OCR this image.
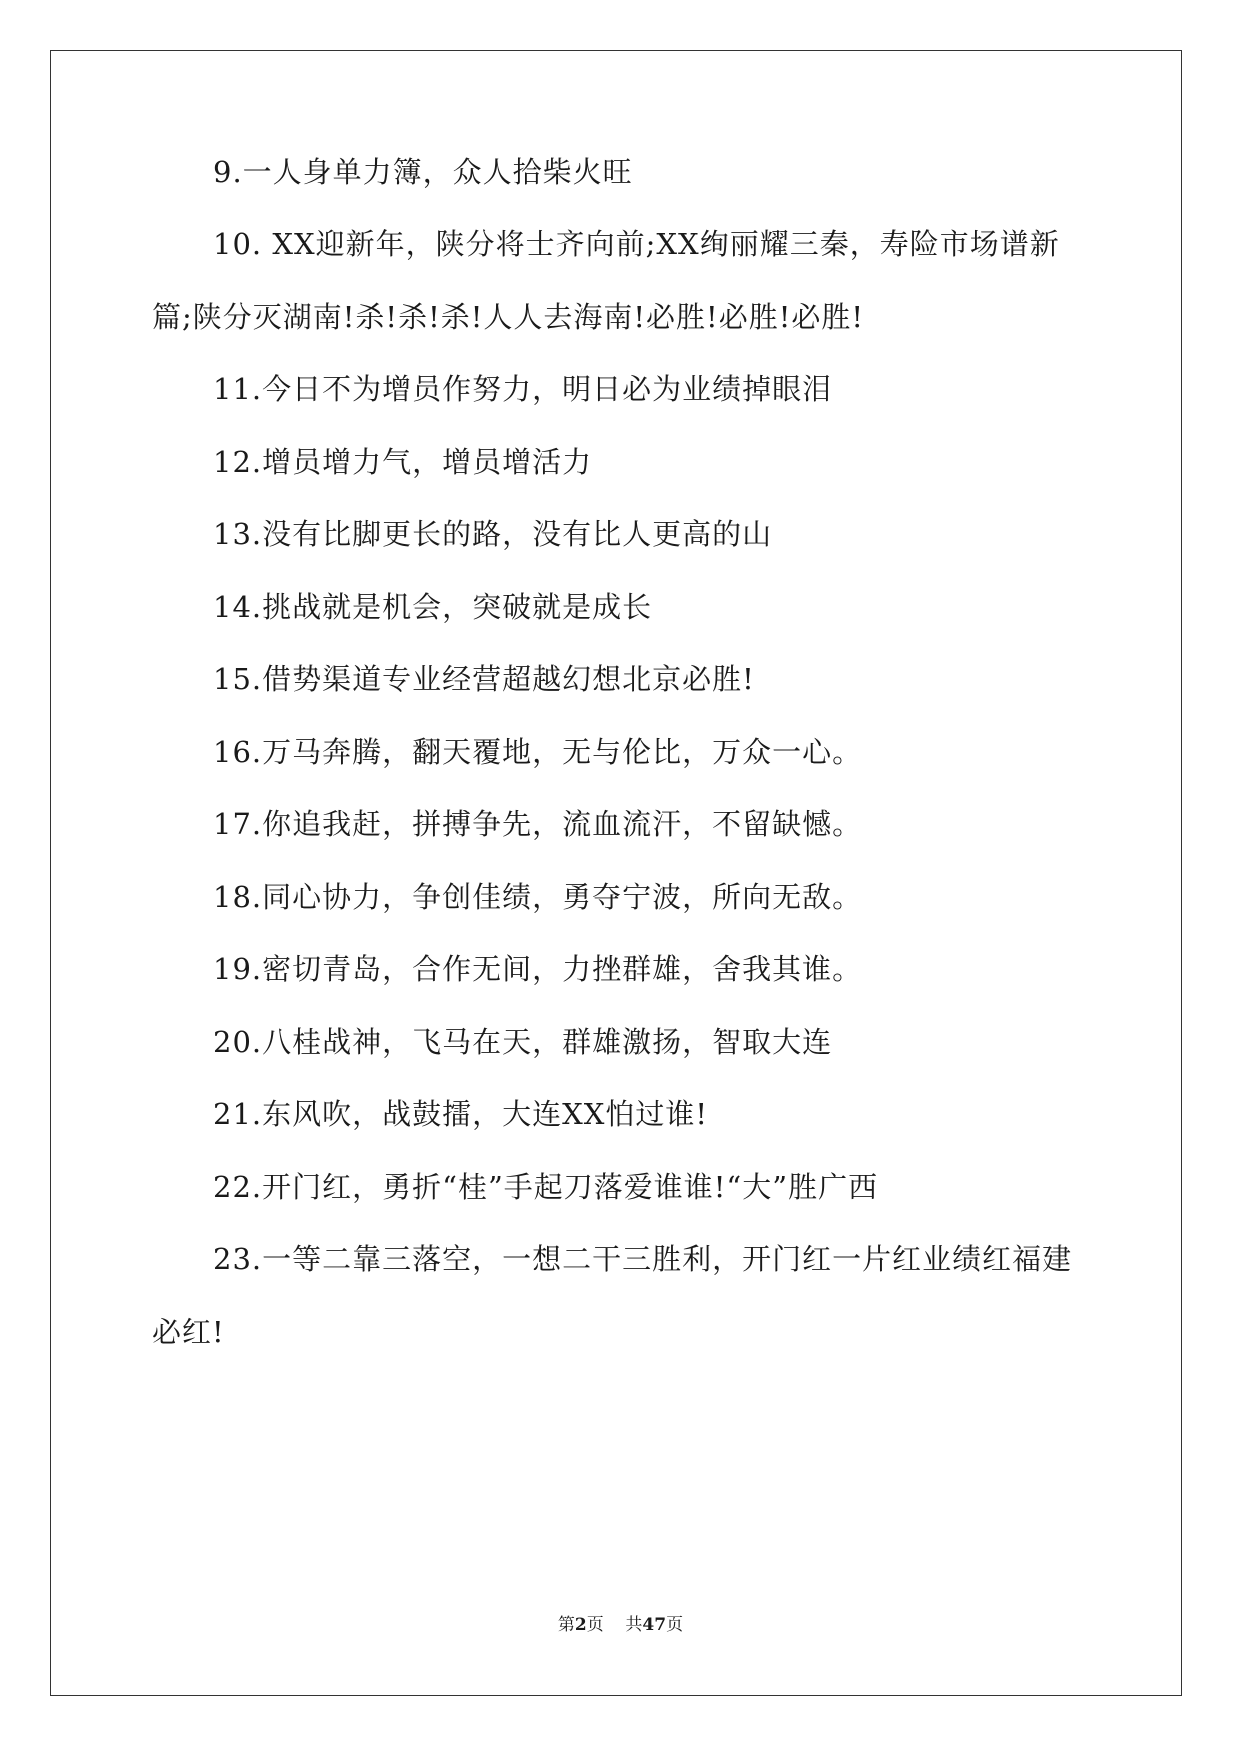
9.一人身单力簿，众人拾柴火旺
10. XX迎新年，陕分将士齐向前;XX绚丽耀三秦，寿险市场谱新
篇;陕分灭湖南!杀!杀!杀!人人去海南!必胜!必胜!必胜!
11.今日不为增员作努力，明日必为业绩掉眼泪
12.增员增力气，增员增活力
13.没有比脚更长的路，没有比人更高的山
14.挑战就是机会，突破就是成长
15.借势渠道专业经营超越幻想北京必胜!
16.万马奔腾，翻天覆地，无与伦比，万众一心。
17.你追我赶，拼搏争先，流血流汗，不留缺憾。
18.同心协力，争创佳绩，勇夺宁波，所向无敌。
19.密切青岛，合作无间，力挫群雄，舍我其谁。
20.八桂战神，飞马在天，群雄激扬，智取大连
21.东风吹，战鼓擂，大连XX怕过谁!
22.开门红，勇折“桂”手起刀落爱谁谁!“大”胜广西
23.一等二靠三落空，一想二干三胜利，开门红一片红业绩红福建
必红!
第2页 共47页
